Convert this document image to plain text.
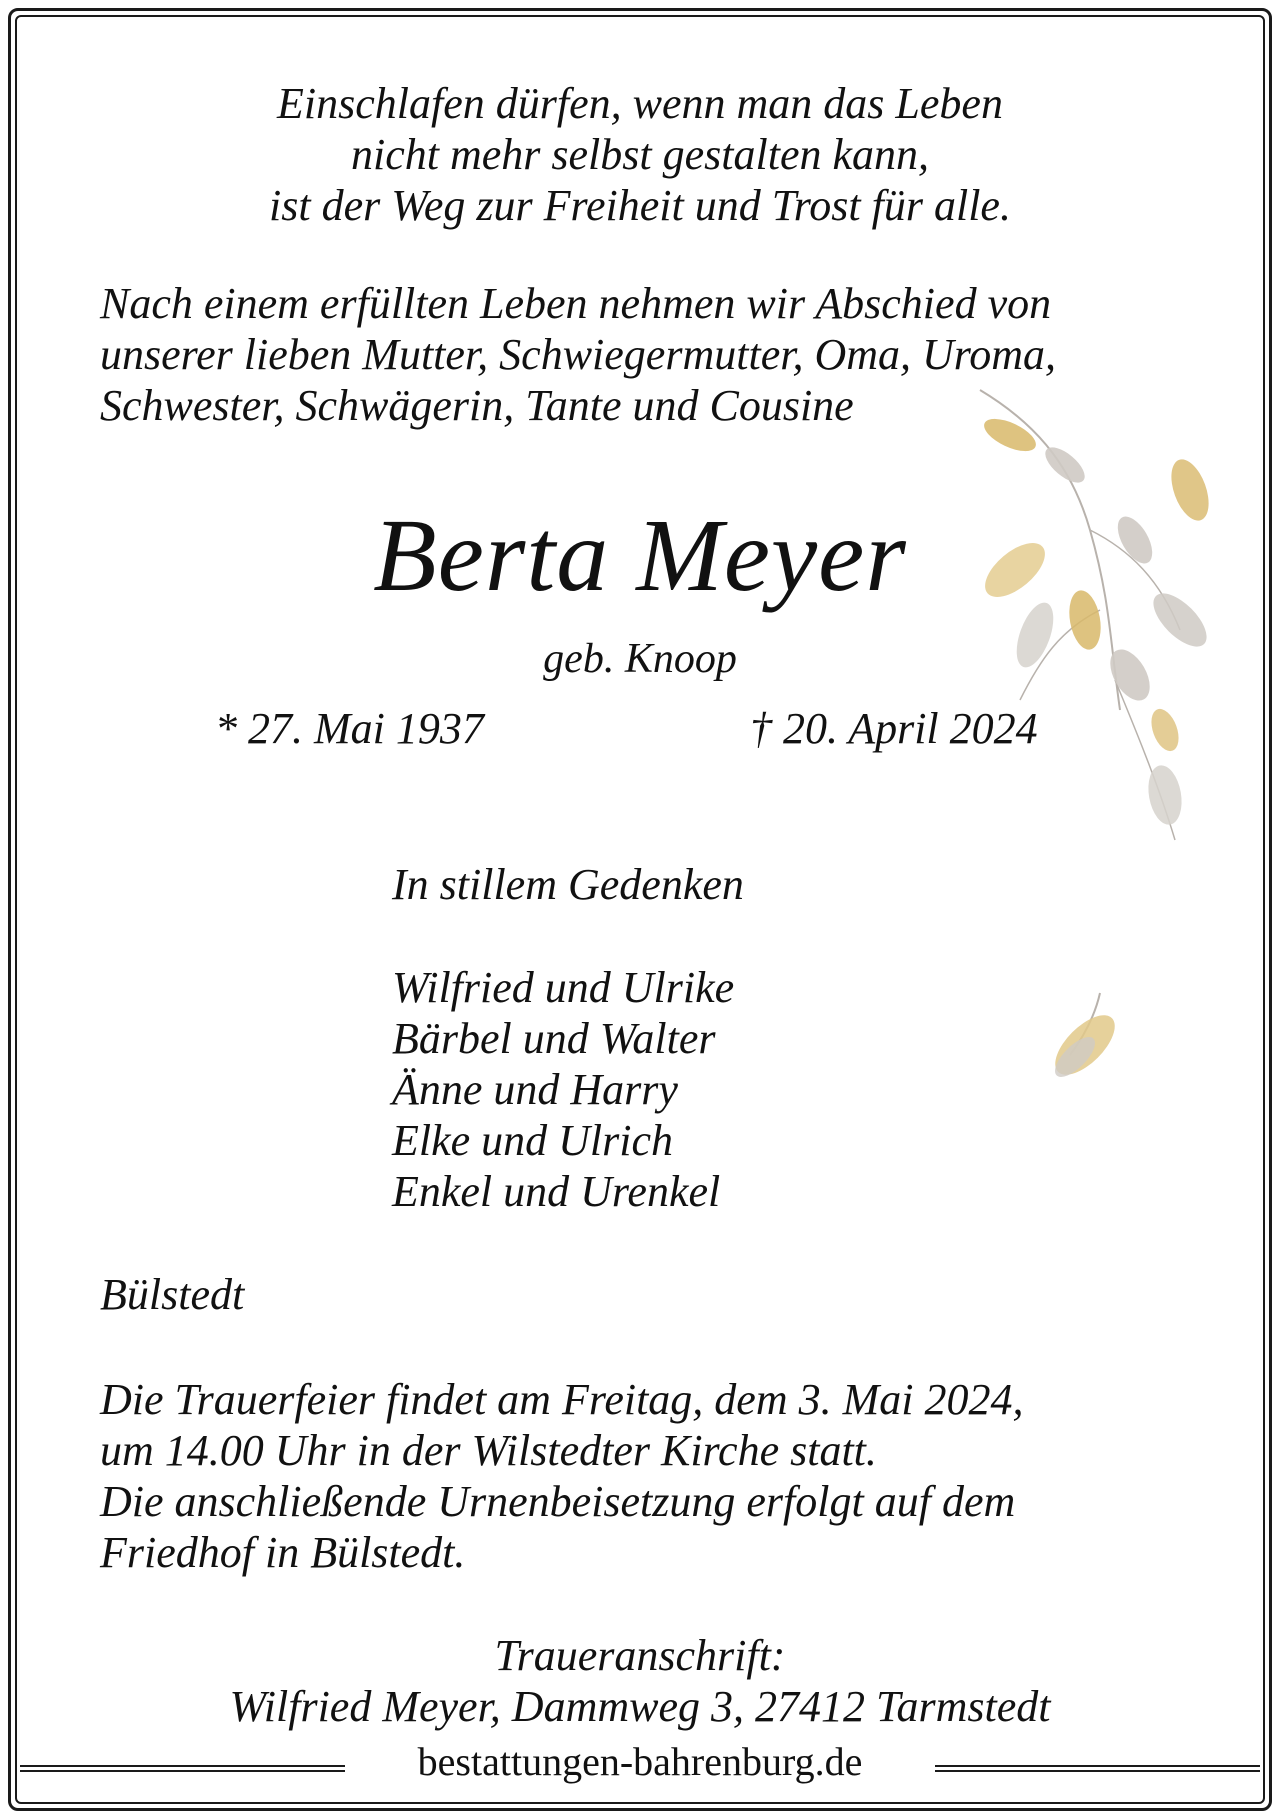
Einschlafen dürfen, wenn man das Leben
nicht mehr selbst gestalten kann,
ist der Weg zur Freiheit und Trost für alle.
Nach einem erfüllten Leben nehmen wir Abschied von
unserer lieben Mutter, Schwiegermutter, Oma, Uroma,
Schwester, Schwägerin, Tante und Cousine
Berta Meyer
geb. Knoop
* 27. Mai 1937	† 20. April 2024
In stillem Gedenken
Wilfried und Ulrike
Bärbel und Walter
Änne und Harry
Elke und Ulrich
Enkel und Urenkel
Bülstedt
Die Trauerfeier findet am Freitag, dem 3. Mai 2024,
um 14.00 Uhr in der Wilstedter Kirche statt.
Die anschließende Urnenbeisetzung erfolgt auf dem
Friedhof in Bülstedt.
Traueranschrift:
Wilfried Meyer, Dammweg 3, 27412 Tarmstedt
bestattungen-bahrenburg.de
